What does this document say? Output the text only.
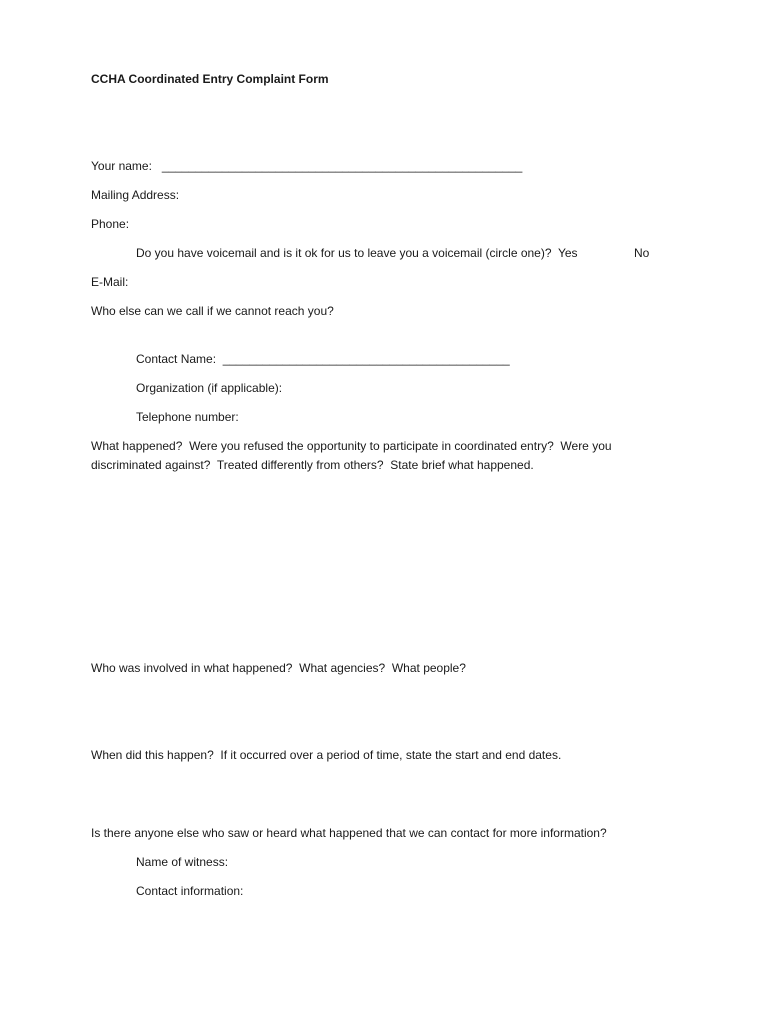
CCHA Coordinated Entry Complaint Form
Your name:   ______________________________________________________
Mailing Address:
Phone:
Do you have voicemail and is it ok for us to leave you a voicemail (circle one)?  Yes	No
E-Mail:
Who else can we call if we cannot reach you?
Contact Name:  ___________________________________________
Organization (if applicable):
Telephone number:
What happened?  Were you refused the opportunity to participate in coordinated entry?  Were you
discriminated against?  Treated differently from others?  State brief what happened.
Who was involved in what happened?  What agencies?  What people?
When did this happen?  If it occurred over a period of time, state the start and end dates.
Is there anyone else who saw or heard what happened that we can contact for more information?
Name of witness:
Contact information:
